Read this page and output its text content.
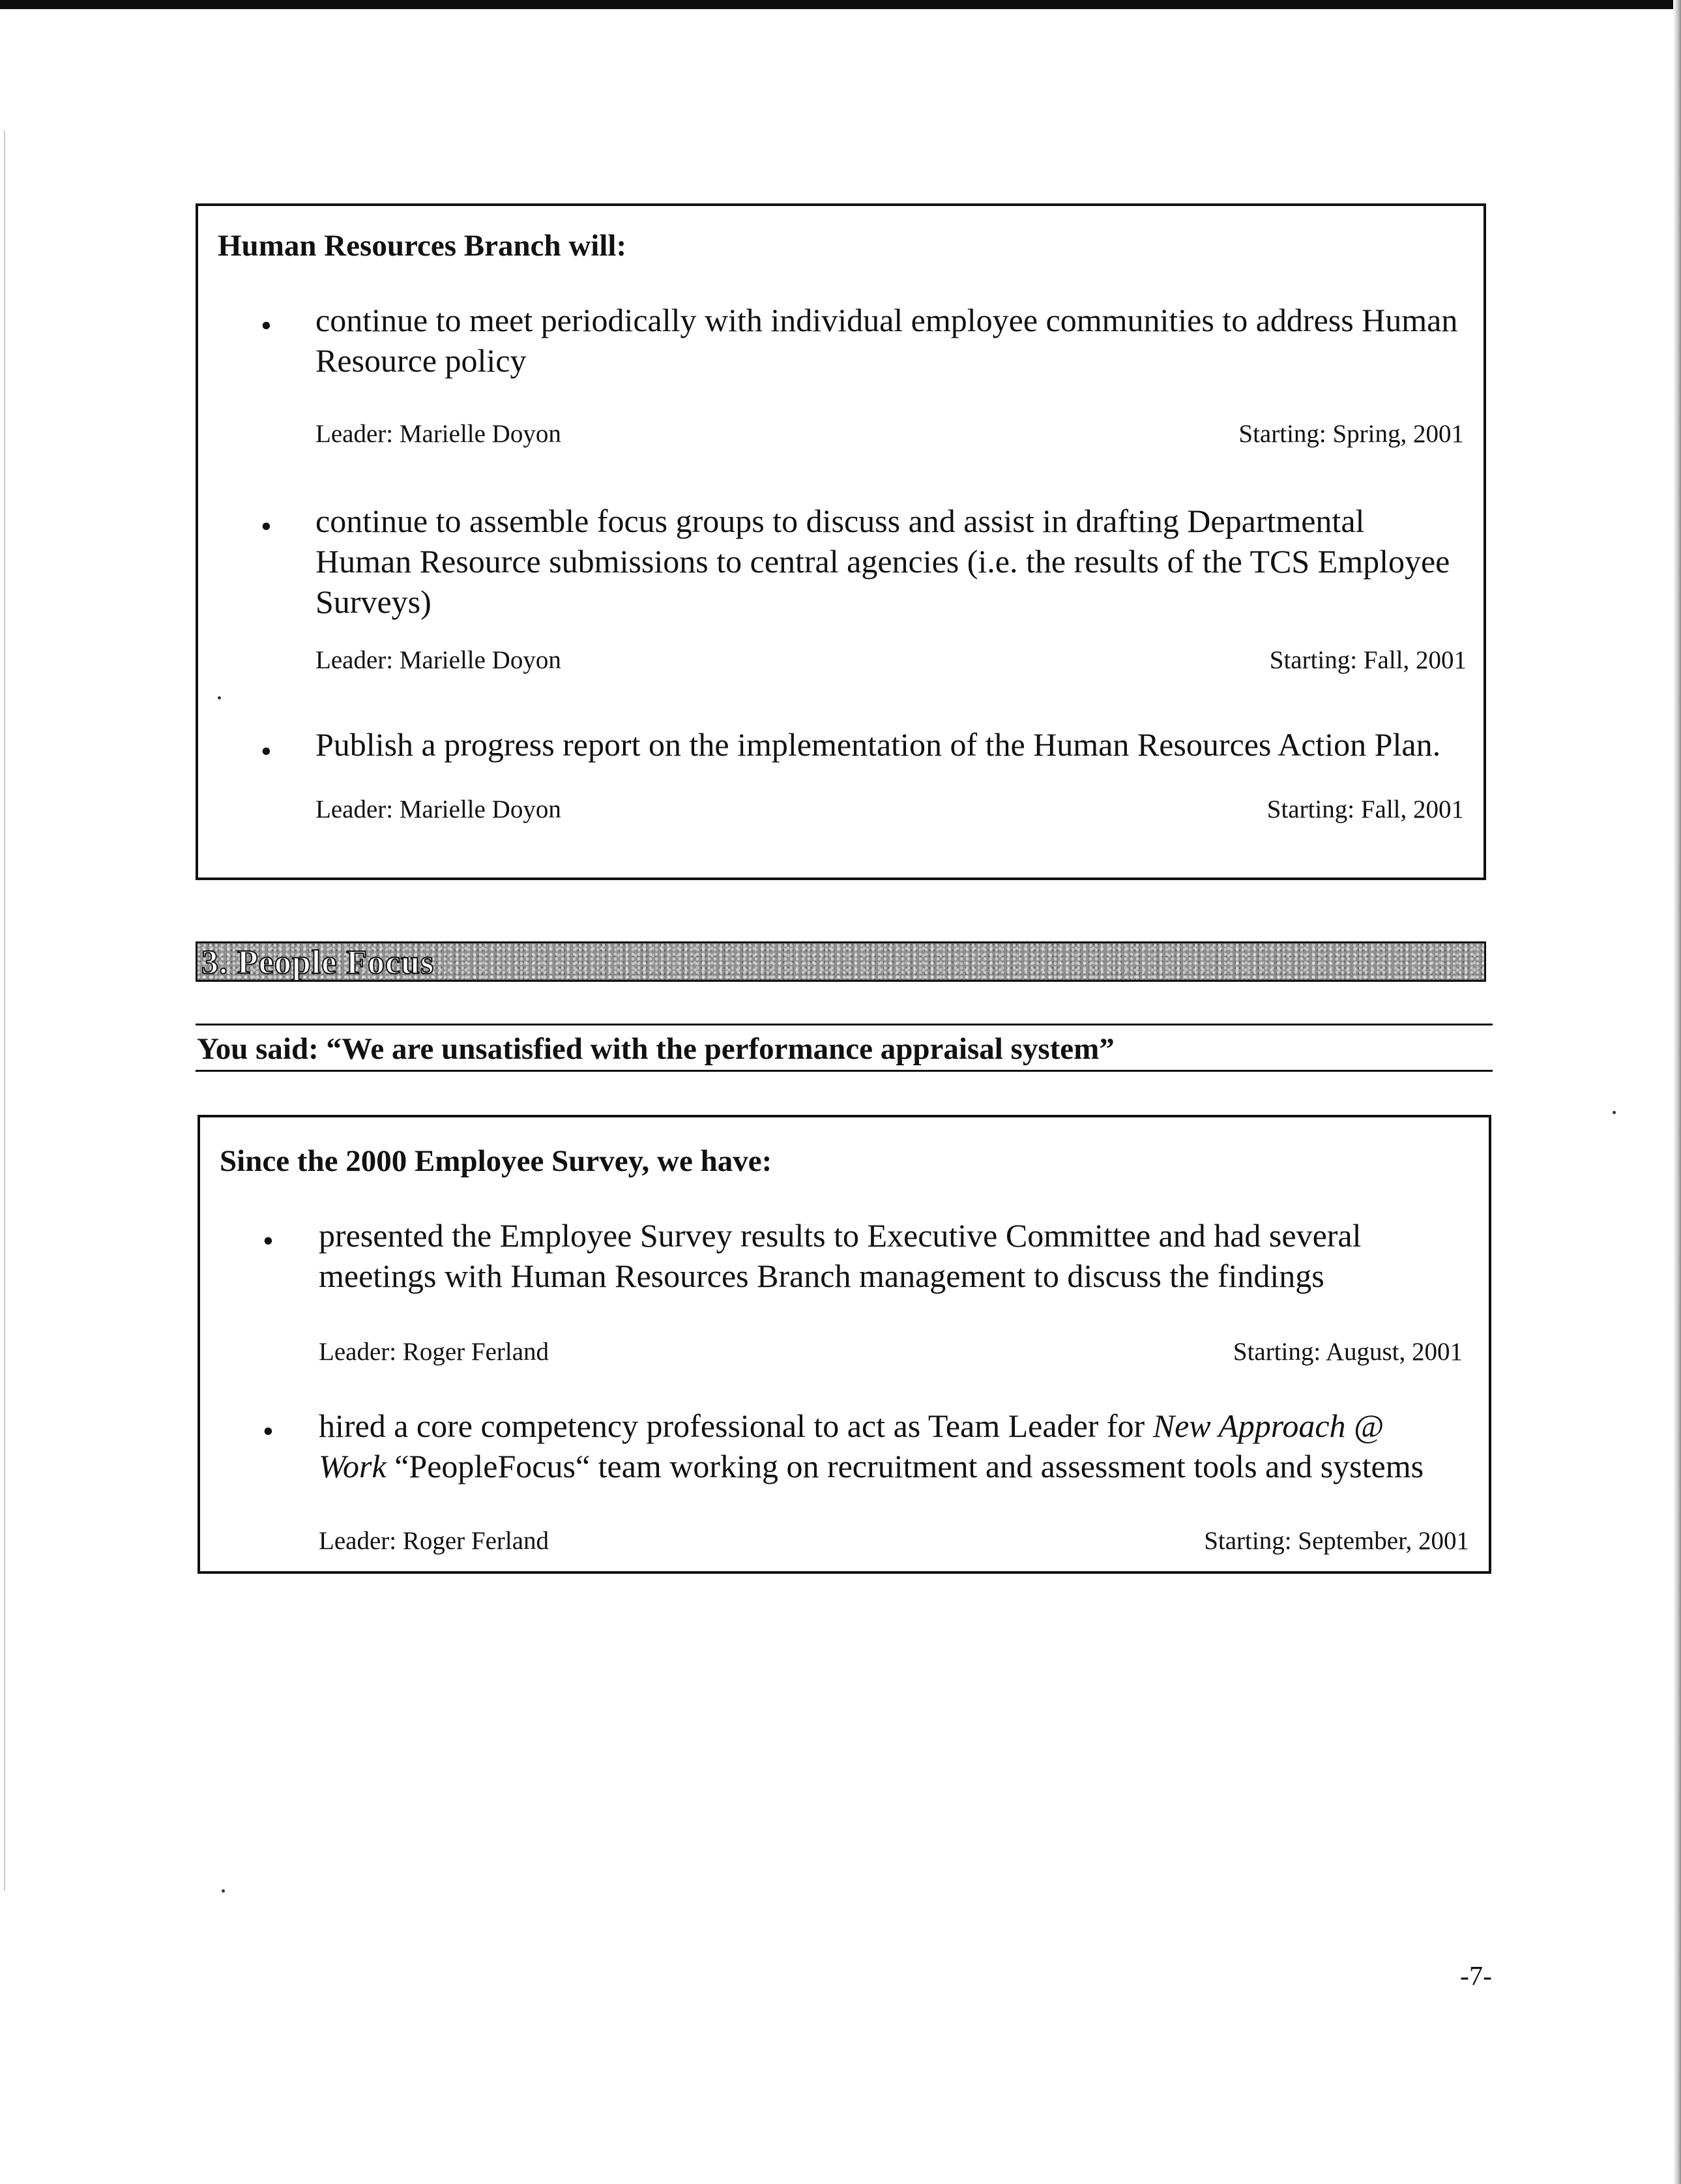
Human Resources Branch will:
• continue to meet periodically with individual employee communities to address Human
Resource policy
Leader: Marielle Doyon	Starting: Spring, 2001
• continue to assemble focus groups to discuss and assist in drafting Departmental
Human Resource submissions to central agencies (i.e. the results of the TCS Employee
Surveys)
Leader: Marielle Doyon	Starting: Fall, 2001
• Publish a progress report on the implementation of the Human Resources Action Plan.
Leader: Marielle Doyon	Starting: Fall, 2001
3. People Focus
You said: “We are unsatisfied with the performance appraisal system”
Since the 2000 Employee Survey, we have:
• presented the Employee Survey results to Executive Committee and had several
meetings with Human Resources Branch management to discuss the findings
Leader: Roger Ferland	Starting: August, 2001
• hired a core competency professional to act as Team Leader for New Approach @
Work “PeopleFocus“ team working on recruitment and assessment tools and systems
Leader: Roger Ferland	Starting: September, 2001
-7-
